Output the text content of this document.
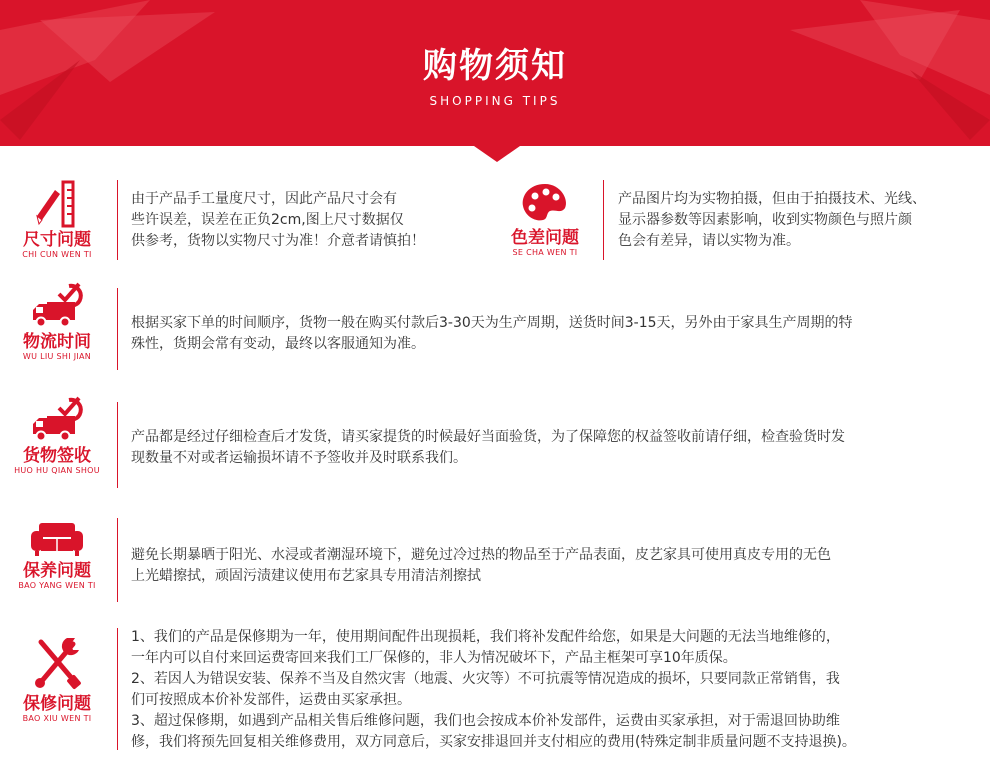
购物须知
SHOPPING TIPS
尺寸问题
CHI CUN WEN TI

由于产品手工量度尺寸，因此产品尺寸会有

些许误差，误差在正负2cm,图上尺寸数据仅

供参考，货物以实物尺寸为准！介意者请慎拍！	色差问题
SE CHA WEN TI

产品图片均为实物拍摄，但由于拍摄技术、光线、

显示器参数等因素影响，收到实物颜色与照片颜

色会有差异，请以实物为准。

物流时间
WU LIU SHI JIAN

根据买家下单的时间顺序，货物一般在购买付款后3-30天为生产周期，送货时间3-15天，另外由于家具生产周期的特

殊性，货期会常有变动，最终以客服通知为准。

货物签收
HUO HU QIAN SHOU

产品都是经过仔细检查后才发货，请买家提货的时候最好当面验货，为了保障您的权益签收前请仔细，检查验货时发

现数量不对或者运输损坏请不予签收并及时联系我们。

保养问题
BAO YANG WEN TI

避免长期暴晒于阳光、水浸或者潮湿环境下，避免过冷过热的物品至于产品表面，皮艺家具可使用真皮专用的无色

上光蜡擦拭，顽固污渍建议使用布艺家具专用清洁剂擦拭

保修问题
BAO XIU WEN TI

1、我们的产品是保修期为一年，使用期间配件出现损耗，我们将补发配件给您，如果是大问题的无法当地维修的，

一年内可以自付来回运费寄回来我们工厂保修的，非人为情况破坏下，产品主框架可享10年质保。

2、若因人为错误安装、保养不当及自然灾害（地震、火灾等）不可抗震等情况造成的损坏，只要同款正常销售，我

们可按照成本价补发部件，运费由买家承担。

3、超过保修期，如遇到产品相关售后维修问题，我们也会按成本价补发部件，运费由买家承担，对于需退回协助维

修，我们将预先回复相关维修费用，双方同意后，买家安排退回并支付相应的费用(特殊定制非质量问题不支持退换)。
